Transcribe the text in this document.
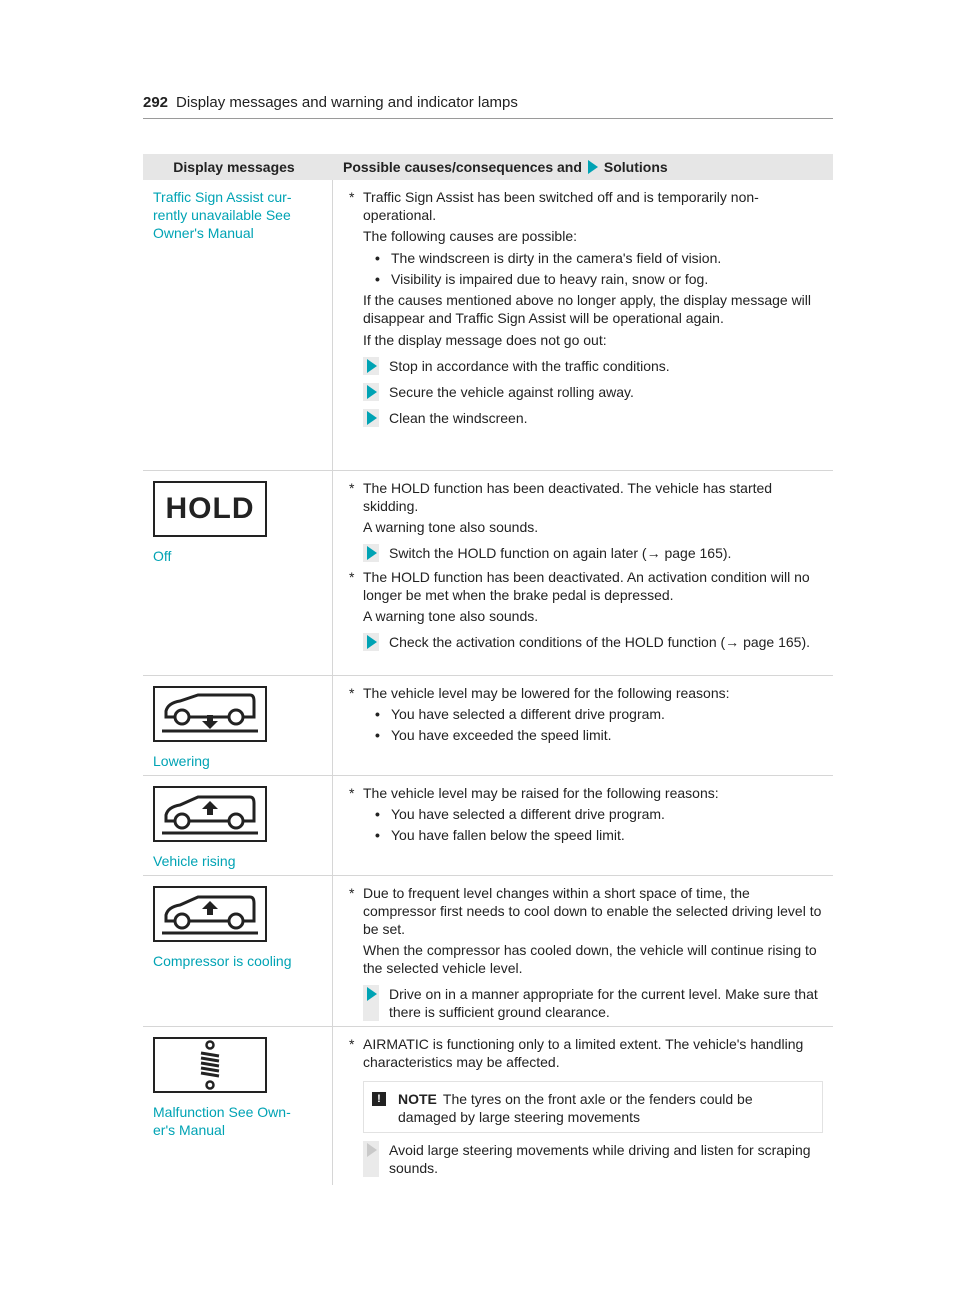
292 Display messages and warning and indicator lamps
Display messages	Possible causes/consequences and Solutions
Traffic Sign Assist cur-
rently unavailable See
Owner's Manual
* Traffic Sign Assist has been switched off and is temporarily non-operational.
The following causes are possible:
• The windscreen is dirty in the camera's field of vision.
• Visibility is impaired due to heavy rain, snow or fog.
If the causes mentioned above no longer apply, the display message will disappear and Traffic Sign Assist will be operational again.
If the display message does not go out:
Stop in accordance with the traffic conditions.
Secure the vehicle against rolling away.
Clean the windscreen.
HOLD
Off
* The HOLD function has been deactivated. The vehicle has started skidding.
A warning tone also sounds.
Switch the HOLD function on again later (→ page 165).
* The HOLD function has been deactivated. An activation condition will no longer be met when the brake pedal is depressed.
A warning tone also sounds.
Check the activation conditions of the HOLD function (→ page 165).
Lowering
* The vehicle level may be lowered for the following reasons:
• You have selected a different drive program.
• You have exceeded the speed limit.
Vehicle rising
* The vehicle level may be raised for the following reasons:
• You have selected a different drive program.
• You have fallen below the speed limit.
Compressor is cooling
* Due to frequent level changes within a short space of time, the compressor first needs to cool down to enable the selected driving level to be set.
When the compressor has cooled down, the vehicle will continue rising to the selected vehicle level.
Drive on in a manner appropriate for the current level. Make sure that there is sufficient ground clearance.
Malfunction See Own-
er's Manual
* AIRMATIC is functioning only to a limited extent. The vehicle's handling characteristics may be affected.
!	NOTE The tyres on the front axle or the fenders could be damaged by large steering movements
Avoid large steering movements while driving and listen for scraping sounds.
